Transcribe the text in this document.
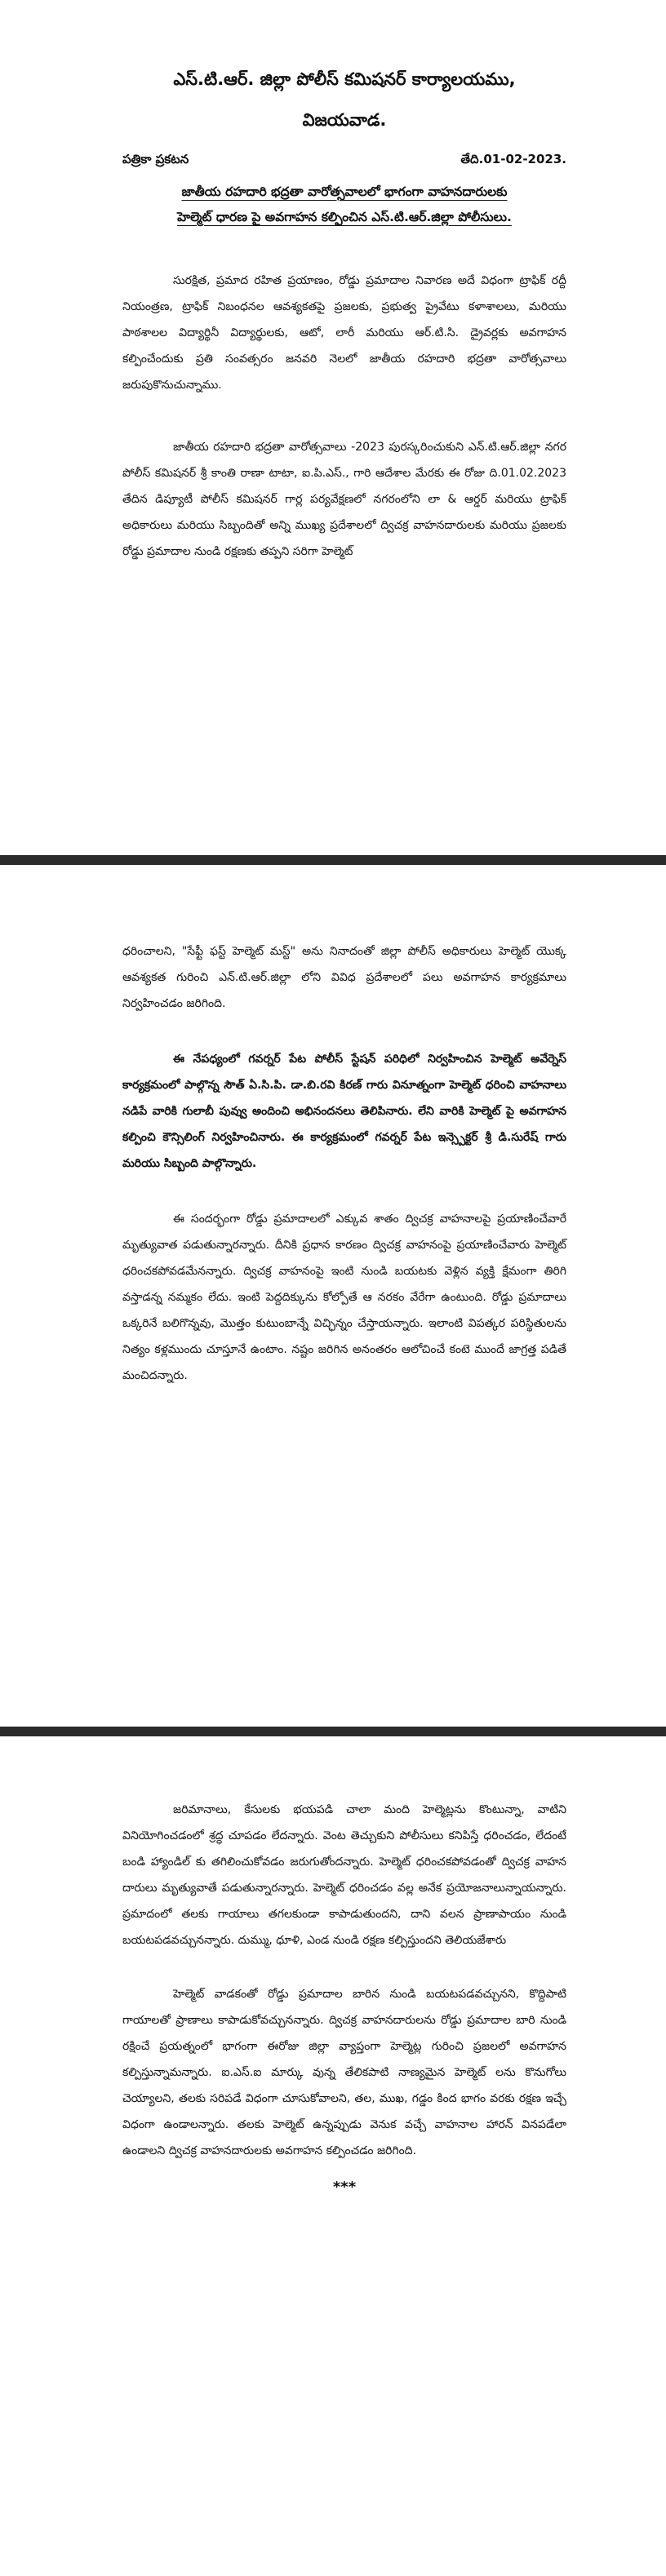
ఎస్.టి.ఆర్. జిల్లా పోలీస్ కమిషనర్ కార్యాలయము,
విజయవాడ.
పత్రికా ప్రకటన	తేది.01-02-2023.
జాతీయ రహదారి భద్రతా వారోత్సవాలలో భాగంగా వాహనదారులకు
హెల్మెట్ ధారణ పై అవగాహన కల్పించిన ఎస్.టి.ఆర్.జిల్లా పోలీసులు.

సురక్షిత, ప్రమాద రహిత ప్రయాణం, రోడ్డు ప్రమాదాల నివారణ అదే విధంగా ట్రాఫిక్ రద్దీ నియంత్రణ, ట్రాఫిక్ నిబంధనల ఆవశ్యకతపై ప్రజలకు, ప్రభుత్వ ప్రైవేటు కళాశాలలు, మరియు పాఠశాలల విద్యార్థినీ విద్యార్థులకు, ఆటో, లారీ మరియు ఆర్.టి.సి. డ్రైవర్లకు అవగాహన కల్పించేందుకు ప్రతి సంవత్సరం జనవరి నెలలో జాతీయ రహదారి భద్రతా వారోత్సవాలు జరుపుకొనుచున్నాము.

జాతీయ రహదారి భద్రతా వారోత్సవాలు -2023 పురస్కరించుకుని ఎన్.టి.ఆర్.జిల్లా నగర పోలీస్ కమిషనర్ శ్రీ కాంతి రాణా టాటా, ఐ.పి.ఎస్., గారి ఆదేశాల మేరకు ఈ రోజు ది.01.02.2023 తేదిన డిప్యూటీ పోలీస్ కమిషనర్ గార్ల పర్యవేక్షణలో నగరంలోని లా & ఆర్డర్ మరియు ట్రాఫిక్ అధికారులు మరియు సిబ్బందితో అన్ని ముఖ్య ప్రదేశాలలో ద్విచక్ర వాహనదారులకు మరియు ప్రజలకు రోడ్డు ప్రమాదాల నుండి రక్షణకు తప్పని సరిగా హెల్మెట్

ధరించాలని, "సేఫ్టీ ఫస్ట్ హెల్మెట్ మస్ట్" అను నినాదంతో జిల్లా పోలీస్ అధికారులు హెల్మెట్ యొక్క ఆవశ్యకత గురించి ఎన్.టి.ఆర్.జిల్లా లోని వివిధ ప్రదేశాలలో పలు అవగాహన కార్యక్రమాలు నిర్వహించడం జరిగింది.

ఈ నేపధ్యంలో గవర్నర్ పేట పోలీస్ స్టేషన్ పరిధిలో నిర్వహించిన హెల్మెట్ అవేర్నెస్ కార్యక్రమంలో పాల్గొన్న సౌత్ ఏ.సి.పి. డా.బి.రవి కిరణ్ గారు వినూత్నంగా హెల్మెట్ ధరించి వాహనాలు నడిపే వారికి గులాబీ పువ్వు అందించి అభినందనలు తెలిపినారు. లేని వారికి హెల్మెట్ పై అవగాహన కల్పించి కౌన్సిలింగ్ నిర్వహించినారు. ఈ కార్యక్రమంలో గవర్నర్ పేట ఇన్స్పెక్టర్ శ్రీ డి.సురేష్ గారు మరియు సిబ్బంది పాల్గొన్నారు.

ఈ సందర్భంగా రోడ్డు ప్రమాదాలలో ఎక్కువ శాతం ద్విచక్ర వాహనాలపై ప్రయాణించేవారే మృత్యువాత పడుతున్నారన్నారు. దీనికి ప్రధాన కారణం ద్విచక్ర వాహనంపై ప్రయాణించేవారు హెల్మెట్ ధరించకపోవడమేనన్నారు. ద్విచక్ర వాహనంపై ఇంటి నుండి బయటకు వెళ్లిన వ్యక్తి క్షేమంగా తిరిగి వస్తాడన్న నమ్మకం లేదు. ఇంటి పెద్దదిక్కును కోల్పోతే ఆ నరకం వేరేగా ఉంటుంది. రోడ్డు ప్రమాదాలు ఒక్కరినే బలిగొన్నవు, మొత్తం కుటుంబాన్నే విచ్ఛిన్నం చేస్తాయన్నారు. ఇలాంటి విపత్కర పరిస్థితులను నిత్యం కళ్లముందు చూస్తూనే ఉంటాం. నష్టం జరిగిన అనంతరం ఆలోచించే కంటె ముందే జాగ్రత్త పడితే మంచిదన్నారు.

జరిమానాలు, కేసులకు భయపడి చాలా మంది హెల్మెట్లను కొంటున్నా, వాటిని వినియోగించడంలో శ్రద్ధ చూపడం లేదన్నారు. వెంట తెచ్చుకుని పోలీసులు కనిపిస్తే ధరించడం, లేదంటే బండి హ్యాండిల్ కు తగిలించుకోవడం జరుగుతోందన్నారు. హెల్మెట్ ధరించకపోవడంతో ద్విచక్ర వాహన దారులు మృత్యువాతే పడుతున్నారన్నారు. హెల్మెట్ ధరించడం వల్ల అనేక ప్రయోజనాలున్నాయన్నారు. ప్రమాదంలో తలకు గాయాలు తగలకుండా కాపాడుతుందని, దాని వలన ప్రాణాపాయం నుండి బయటపడవచ్చునన్నారు. దుమ్ము, ధూళి, ఎండ నుండి రక్షణ కల్పిస్తుందని తెలియజేశారు

హెల్మెట్ వాడకంతో రోడ్డు ప్రమాదాల బారిన నుండి బయటపడవచ్చునని, కొద్దిపాటి గాయాలతో ప్రాణాలు కాపాడుకోవచ్చునన్నారు. ద్విచక్ర వాహనదారులను రోడ్డు ప్రమాదాల బారి నుండి రక్షించే ప్రయత్నంలో భాగంగా ఈరోజు జిల్లా వ్యాప్తంగా హెల్మెట్ల గురించి ప్రజలలో అవగాహన కల్పిస్తున్నామన్నారు. ఐ.ఎస్.ఐ మార్కు వున్న తేలికపాటి నాణ్యమైన హెల్మెట్ లను కొనుగోలు చెయ్యాలని, తలకు సరిపడే విధంగా చూసుకోవాలని, తల, ముఖ, గడ్డం కింద భాగం వరకు రక్షణ ఇచ్చే విధంగా ఉండాలన్నారు. తలకు హెల్మెట్ ఉన్నప్పుడు వెనుక వచ్చే వాహనాల హారన్ వినపడేలా ఉండాలని ద్విచక్ర వాహనదారులకు అవగాహన కల్పించడం జరిగింది.

***
